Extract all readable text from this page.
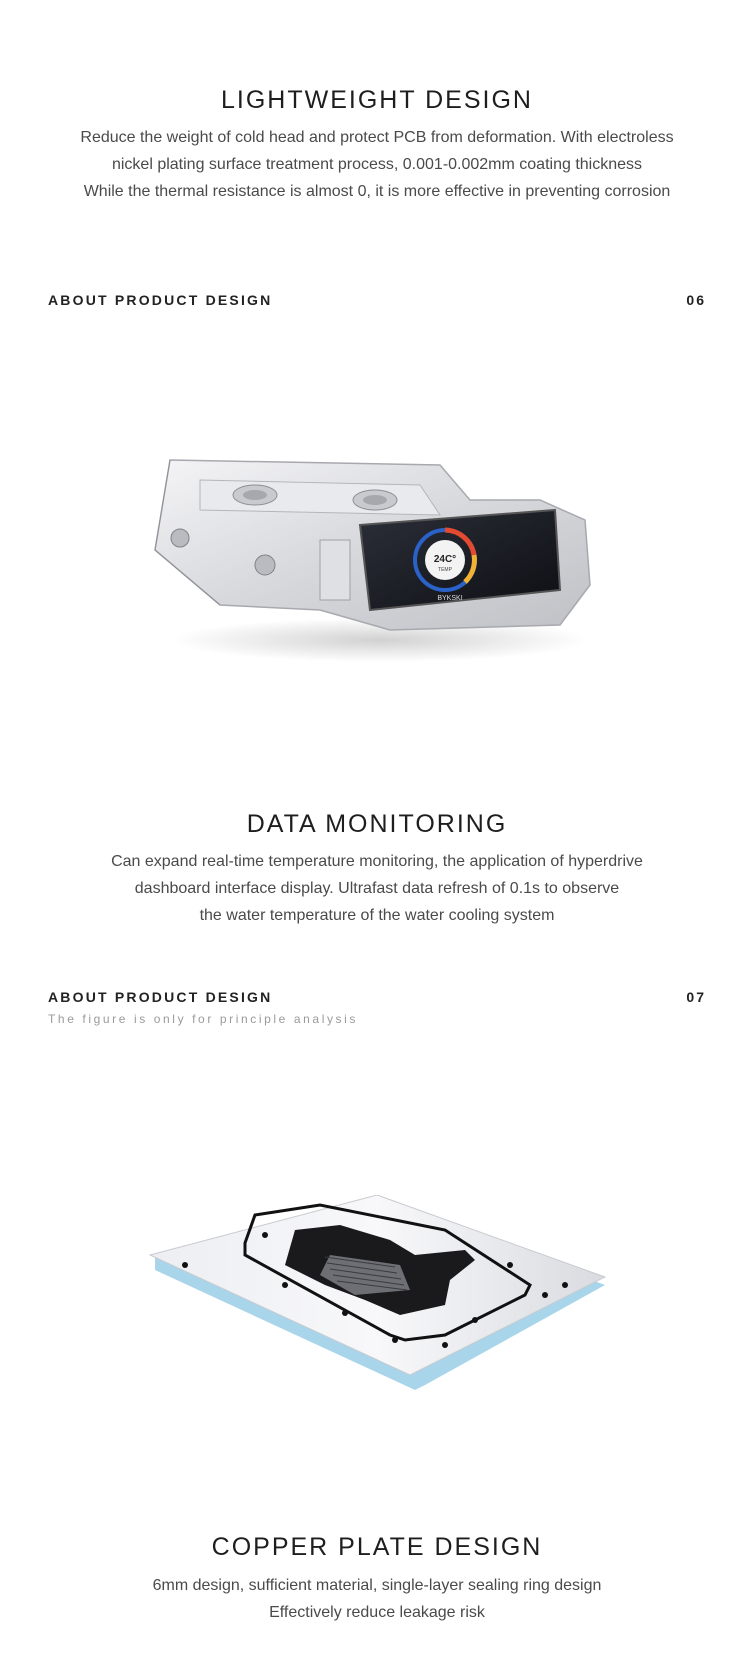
LIGHTWEIGHT DESIGN
Reduce the weight of cold head and protect PCB from deformation. With electroless
nickel plating surface treatment process, 0.001-0.002mm coating thickness
While the thermal resistance is almost 0, it is more effective in preventing corrosion
ABOUT PRODUCT DESIGN	06
24C°
TEMP
BYKSKI
DATA MONITORING
Can expand real-time temperature monitoring, the application of hyperdrive
dashboard interface display. Ultrafast data refresh of 0.1s to observe
the water temperature of the water cooling system
ABOUT PRODUCT DESIGN	07
The figure is only for principle analysis
COPPER PLATE DESIGN
6mm design, sufficient material, single-layer sealing ring design
Effectively reduce leakage risk
